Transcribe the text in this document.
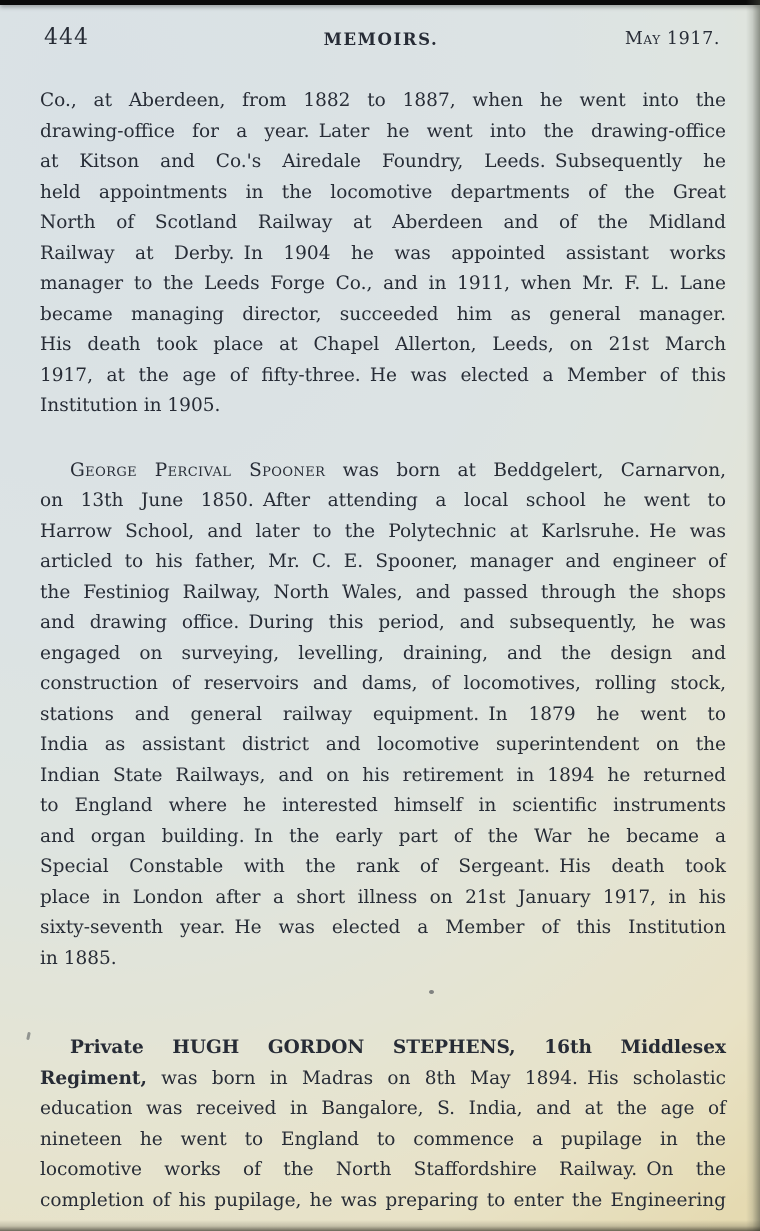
444	MEMOIRS.	May 1917.
Co., at Aberdeen, from 1882 to 1887, when he went into the
drawing-office for a year. Later he went into the drawing-office
at Kitson and Co.'s Airedale Foundry, Leeds. Subsequently he
held appointments in the locomotive departments of the Great
North of Scotland Railway at Aberdeen and of the Midland
Railway at Derby. In 1904 he was appointed assistant works
manager to the Leeds Forge Co., and in 1911, when Mr. F. L. Lane
became managing director, succeeded him as general manager.
His death took place at Chapel Allerton, Leeds, on 21st March
1917, at the age of fifty-three. He was elected a Member of this
Institution in 1905.
George Percival Spooner was born at Beddgelert, Carnarvon,
on 13th June 1850. After attending a local school he went to
Harrow School, and later to the Polytechnic at Karlsruhe. He was
articled to his father, Mr. C. E. Spooner, manager and engineer of
the Festiniog Railway, North Wales, and passed through the shops
and drawing office. During this period, and subsequently, he was
engaged on surveying, levelling, draining, and the design and
construction of reservoirs and dams, of locomotives, rolling stock,
stations and general railway equipment. In 1879 he went to
India as assistant district and locomotive superintendent on the
Indian State Railways, and on his retirement in 1894 he returned
to England where he interested himself in scientific instruments
and organ building. In the early part of the War he became a
Special Constable with the rank of Sergeant. His death took
place in London after a short illness on 21st January 1917, in his
sixty-seventh year. He was elected a Member of this Institution
in 1885.
Private HUGH GORDON STEPHENS, 16th Middlesex
Regiment, was born in Madras on 8th May 1894. His scholastic
education was received in Bangalore, S. India, and at the age of
nineteen he went to England to commence a pupilage in the
locomotive works of the North Staffordshire Railway. On the
completion of his pupilage, he was preparing to enter the Engineering
